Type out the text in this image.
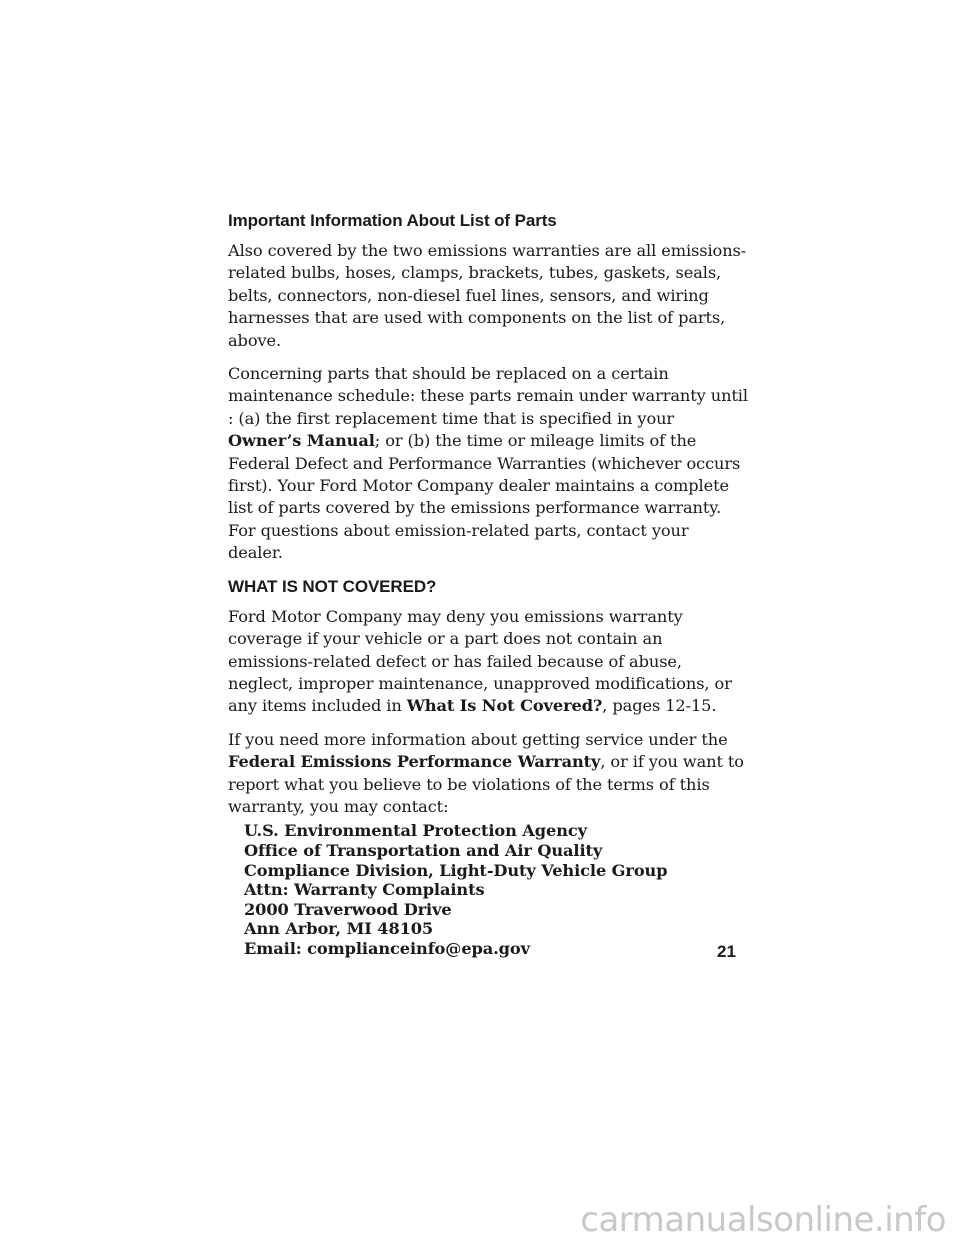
Important Information About List of Parts

Also covered by the two emissions warranties are all emissions-related bulbs, hoses, clamps, brackets, tubes, gaskets, seals, belts, connectors, non-diesel fuel lines, sensors, and wiring harnesses that are used with components on the list of parts, above.

Concerning parts that should be replaced on a certain maintenance schedule: these parts remain under warranty until : (a) the first replacement time that is specified in your Owner’s Manual; or (b) the time or mileage limits of the Federal Defect and Performance Warranties (whichever occurs first). Your Ford Motor Company dealer maintains a complete list of parts covered by the emissions performance warranty. For questions about emission-related parts, contact your dealer.

WHAT IS NOT COVERED?

Ford Motor Company may deny you emissions warranty coverage if your vehicle or a part does not contain an emissions-related defect or has failed because of abuse, neglect, improper maintenance, unapproved modifications, or any items included in What Is Not Covered?, pages 12-15.

If you need more information about getting service under the Federal Emissions Performance Warranty, or if you want to report what you believe to be violations of the terms of this warranty, you may contact:

U.S. Environmental Protection Agency
Office of Transportation and Air Quality
Compliance Division, Light-Duty Vehicle Group
Attn: Warranty Complaints
2000 Traverwood Drive
Ann Arbor, MI 48105
Email: complianceinfo@epa.gov	21
carmanualsonline.info
